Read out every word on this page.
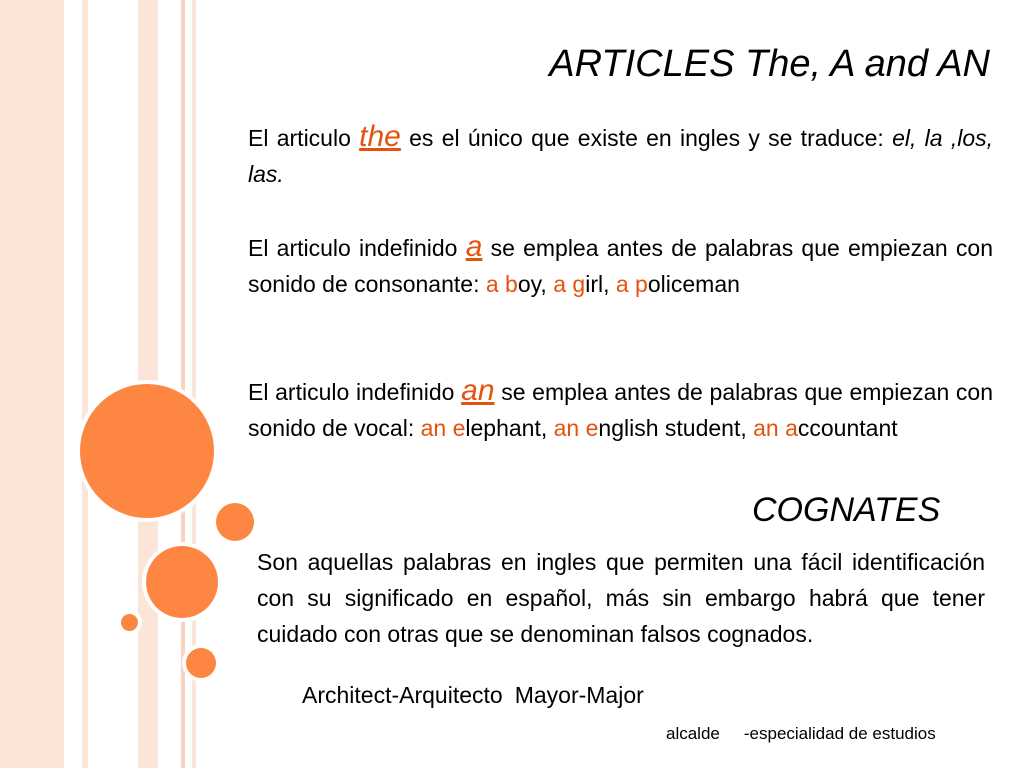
ARTICLES The, A and AN
El articulo the es el único que existe en ingles y se traduce: el, la ,los, las.
El articulo indefinido a se emplea antes de palabras que empiezan con sonido de consonante: a boy, a girl, a policeman
El articulo indefinido an se emplea antes de palabras que empiezan con sonido de vocal: an elephant, an english student, an accountant
COGNATES
Son aquellas palabras en ingles que permiten una fácil identificación con su significado en español, más sin embargo habrá que tener cuidado con otras que se denominan falsos cognados.
Architect-Arquitecto Mayor-Major
alcalde -especialidad de estudios
